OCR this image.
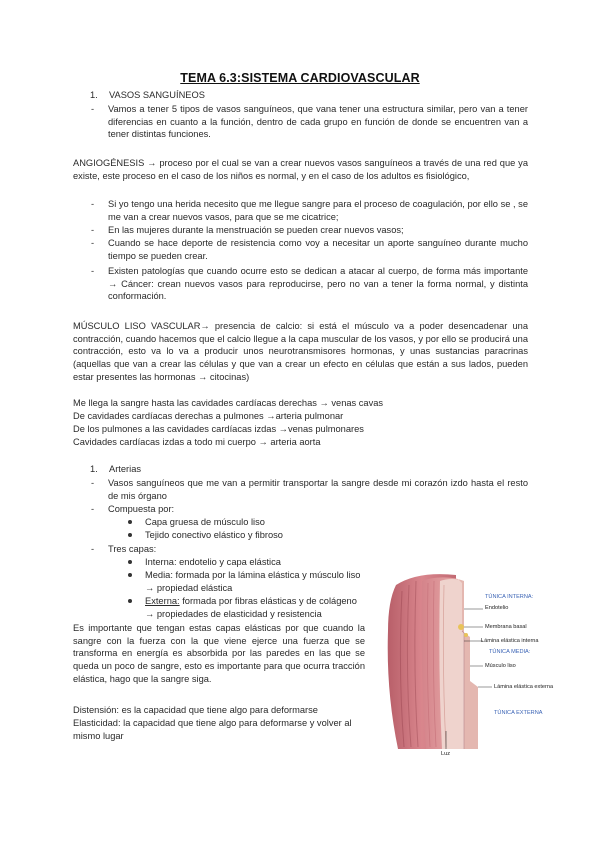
TEMA 6.3:SISTEMA CARDIOVASCULAR
1. VASOS SANGUÍNEOS
- Vamos a tener 5 tipos de vasos sanguíneos, que vana tener una estructura similar, pero van a tener diferencias en cuanto a la función, dentro de cada grupo en función de donde se encuentren van a tener distintas funciones.
ANGIOGÉNESIS → proceso por el cual se van a crear nuevos vasos sanguíneos a través de una red que ya existe, este proceso en el caso de los niños es normal, y en el caso de los adultos es fisiológico,
- Si yo tengo una herida necesito que me llegue sangre para el proceso de coagulación, por ello se , se me van a crear nuevos vasos, para que se me cicatrice;
- En las mujeres durante la menstruación se pueden crear nuevos vasos;
- Cuando se hace deporte de resistencia como voy a necesitar un aporte sanguíneo durante mucho tiempo se pueden crear.
- Existen patologías que cuando ocurre esto se dedican a atacar al cuerpo, de forma más importante → Cáncer: crean nuevos vasos para reproducirse, pero no van a tener la forma normal, y distinta conformación.
MÚSCULO LISO VASCULAR→ presencia de calcio: si está el músculo va a poder desencadenar una contracción, cuando hacemos que el calcio llegue a la capa muscular de los vasos, y por ello se producirá una contracción, esto va lo va a producir unos neurotransmisores hormonas, y unas sustancias paracrinas (aquellas que van a crear las células y que van a crear un efecto en células que están a sus lados, pueden estar presentes las hormonas → citocinas)
Me llega la sangre hasta las cavidades cardíacas derechas → venas cavas
De cavidades cardíacas derechas a pulmones →arteria pulmonar
De los pulmones a las cavidades cardíacas izdas →venas pulmonares
Cavidades cardíacas izdas a todo mi cuerpo → arteria aorta
1. Arterias
- Vasos sanguíneos que me van a permitir transportar la sangre desde mi corazón izdo hasta el resto de mis órgano
- Compuesta por:
Capa gruesa de músculo liso
Tejido conectivo elástico y fibroso
- Tres capas:
Interna: endotelio y capa elástica
Media: formada por la lámina elástica y músculo liso
→ propiedad elástica
Externa: formada por fibras elásticas y de colágeno
→ propiedades de elasticidad y resistencia
Es importante que tengan estas capas elásticas por que cuando la sangre con la fuerza con la que viene ejerce una fuerza que se transforma en energía es absorbida por las paredes en las que se queda un poco de sangre, esto es importante para que ocurra tracción elástica, hago que la sangre siga.
Distensión: es la capacidad que tiene algo para deformarse
Elasticidad: la capacidad que tiene algo para deformarse y volver al mismo lugar
TÚNICA INTERNA:
Endotelio
Membrana basal
Lámina elástica interna
TÚNICA MEDIA:
Músculo liso
Lámina elástica externa
TÚNICA EXTERNA
Luz
